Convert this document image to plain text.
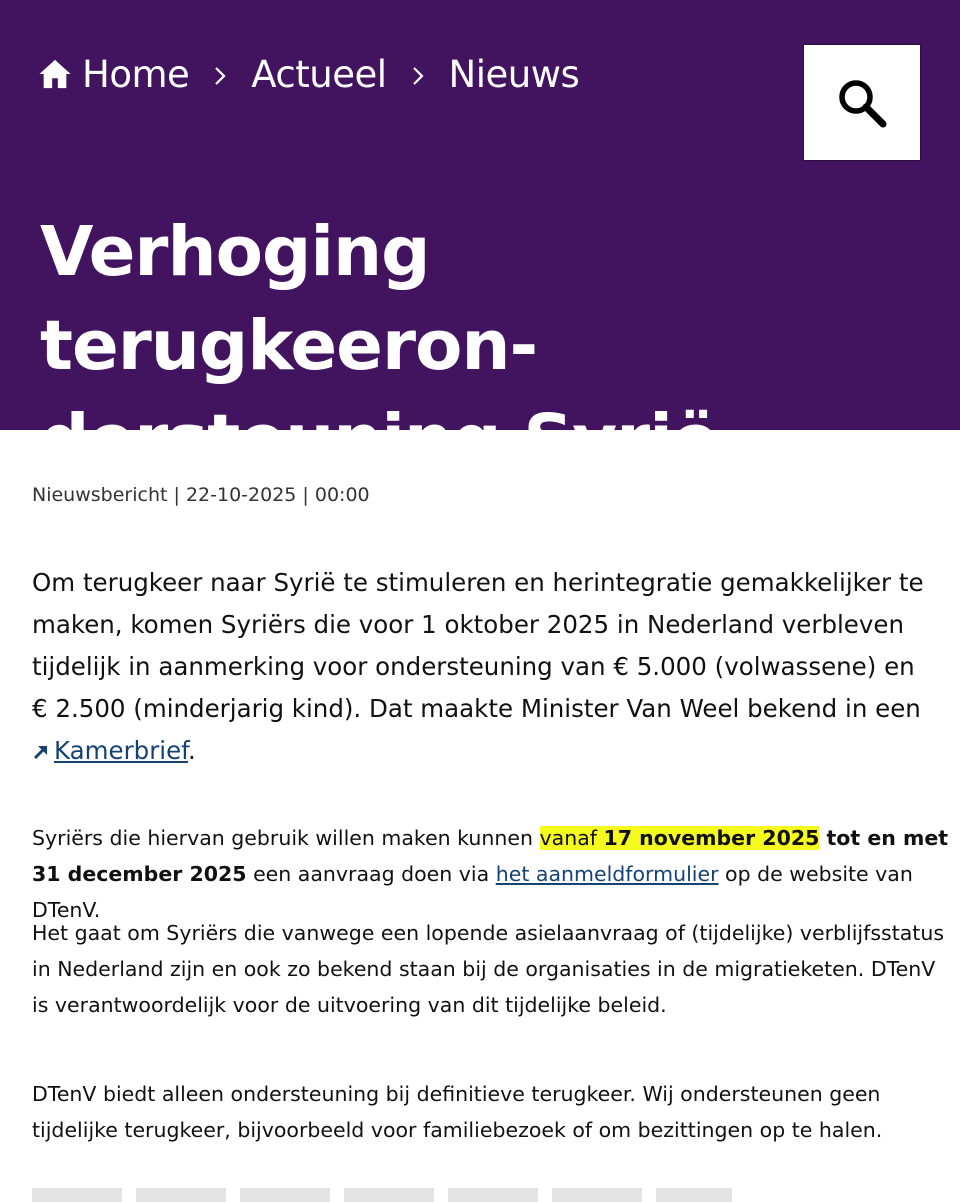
Home Actueel Nieuws
Verhoging terugkeeron-dersteuning Syrië
Nieuwsbericht | 22-10-2025 | 00:00

Om terugkeer naar Syrië te stimuleren en herintegratie gemakkelijker te maken, komen Syriërs die voor 1 oktober 2025 in Nederland verbleven tijdelijk in aanmerking voor ondersteuning van € 5.000 (volwassene) en € 2.500 (minderjarig kind). Dat maakte Minister Van Weel bekend in een
Kamerbrief.

Syriërs die hiervan gebruik willen maken kunnen vanaf 17 november 2025 tot en met 31 december 2025 een aanvraag doen via het aanmeldformulier op de website van DTenV.

Het gaat om Syriërs die vanwege een lopende asielaanvraag of (tijdelijke) verblijfsstatus in Nederland zijn en ook zo bekend staan bij de organisaties in de migratieketen. DTenV is verantwoordelijk voor de uitvoering van dit tijdelijke beleid.

DTenV biedt alleen ondersteuning bij definitieve terugkeer. Wij ondersteunen geen tijdelijke terugkeer, bijvoorbeeld voor familiebezoek of om bezittingen op te halen.
